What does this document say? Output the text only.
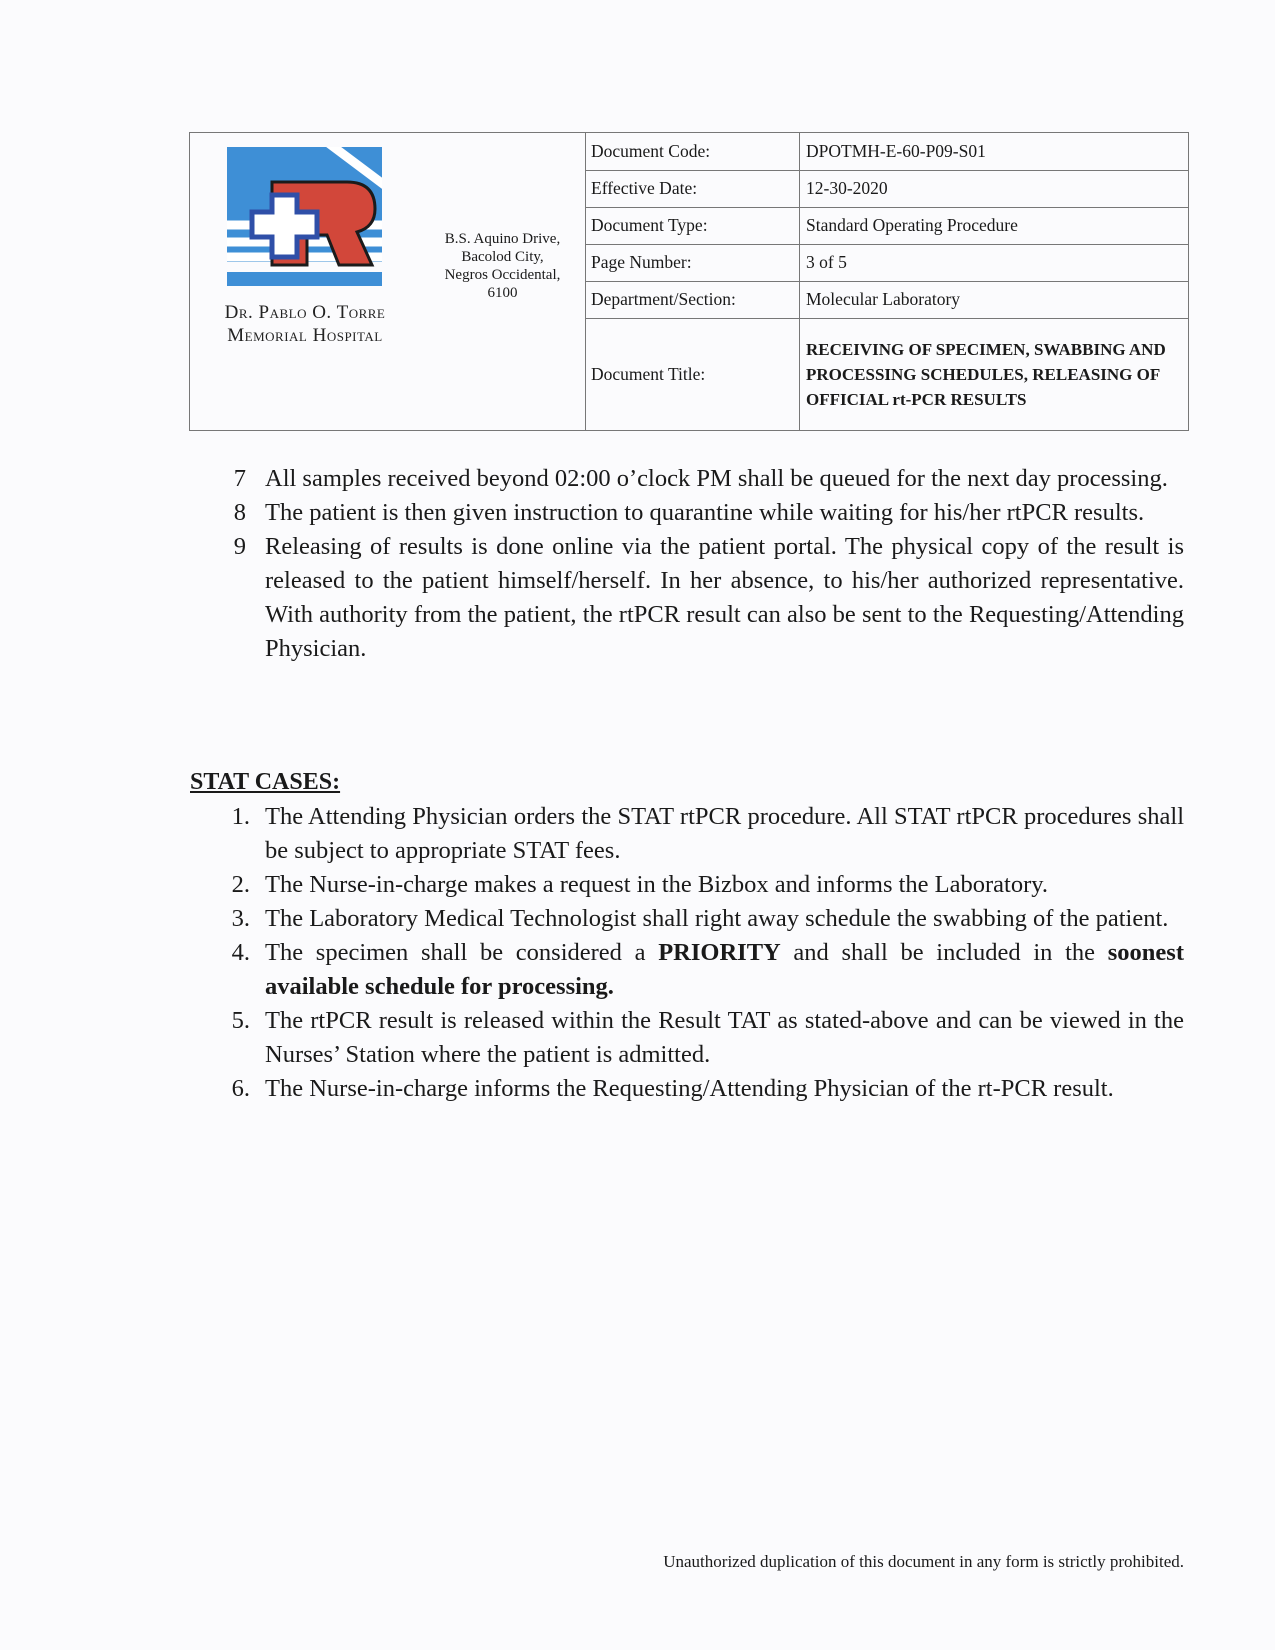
Dr. Pablo O. Torre
Memorial Hospital
B.S. Aquino Drive,
Bacolod City,
Negros Occidental,
6100
Document Code:	DPOTMH-E-60-P09-S01
Effective Date:	12-30-2020
Document Type:	Standard Operating Procedure
Page Number:	3 of 5
Department/Section:	Molecular Laboratory
Document Title:	RECEIVING OF SPECIMEN, SWABBING AND PROCESSING SCHEDULES, RELEASING OF OFFICIAL rt-PCR RESULTS
7 All samples received beyond 02:00 o’clock PM shall be queued for the next day processing.
8 The patient is then given instruction to quarantine while waiting for his/her rtPCR results.
9 Releasing of results is done online via the patient portal. The physical copy of the result is released to the patient himself/herself. In her absence, to his/her authorized representative. With authority from the patient, the rtPCR result can also be sent to the Requesting/Attending Physician.
STAT CASES:
1. The Attending Physician orders the STAT rtPCR procedure. All STAT rtPCR procedures shall be subject to appropriate STAT fees.
2. The Nurse-in-charge makes a request in the Bizbox and informs the Laboratory.
3. The Laboratory Medical Technologist shall right away schedule the swabbing of the patient.
4. The specimen shall be considered a PRIORITY and shall be included in the soonest available schedule for processing.
5. The rtPCR result is released within the Result TAT as stated-above and can be viewed in the Nurses’ Station where the patient is admitted.
6. The Nurse-in-charge informs the Requesting/Attending Physician of the rt-PCR result.
Unauthorized duplication of this document in any form is strictly prohibited.
